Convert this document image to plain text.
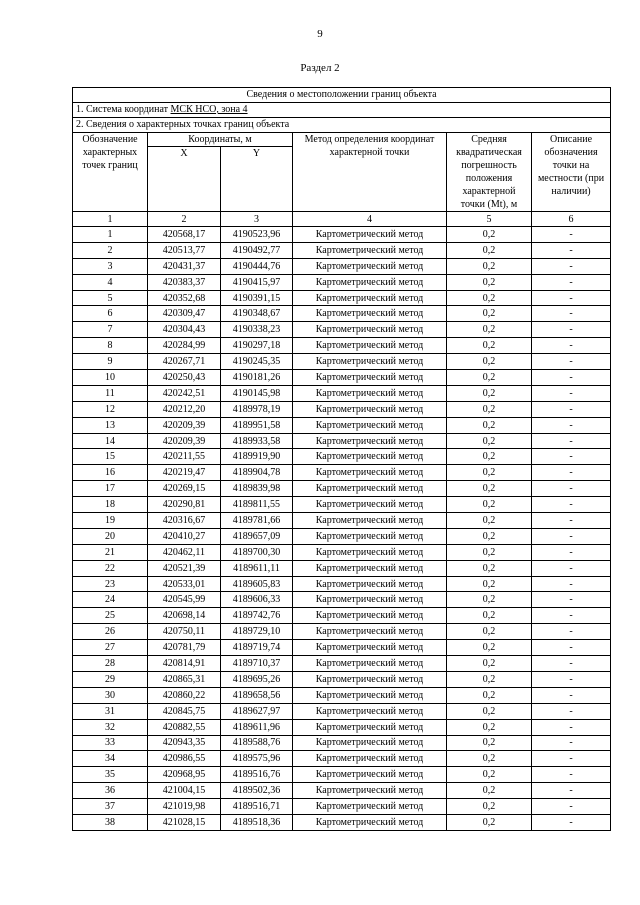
9
Раздел 2
Сведения о местоположении границ объекта					
1. Система координат МСК НСО, зона 4					
2. Сведения о характерных точках границ объекта					
Обозначение характерных точек границ	Координаты, м		Метод определения координат характерной точки	Средняя квадратическая погрешность положения характерной точки (Mt), м	Описание обозначения точки на местности (при наличии)
	X	Y			
1	2	3	4	5	6
1	420568,17	4190523,96	Картометрический метод	0,2	-
2	420513,77	4190492,77	Картометрический метод	0,2	-
3	420431,37	4190444,76	Картометрический метод	0,2	-
4	420383,37	4190415,97	Картометрический метод	0,2	-
5	420352,68	4190391,15	Картометрический метод	0,2	-
6	420309,47	4190348,67	Картометрический метод	0,2	-
7	420304,43	4190338,23	Картометрический метод	0,2	-
8	420284,99	4190297,18	Картометрический метод	0,2	-
9	420267,71	4190245,35	Картометрический метод	0,2	-
10	420250,43	4190181,26	Картометрический метод	0,2	-
11	420242,51	4190145,98	Картометрический метод	0,2	-
12	420212,20	4189978,19	Картометрический метод	0,2	-
13	420209,39	4189951,58	Картометрический метод	0,2	-
14	420209,39	4189933,58	Картометрический метод	0,2	-
15	420211,55	4189919,90	Картометрический метод	0,2	-
16	420219,47	4189904,78	Картометрический метод	0,2	-
17	420269,15	4189839,98	Картометрический метод	0,2	-
18	420290,81	4189811,55	Картометрический метод	0,2	-
19	420316,67	4189781,66	Картометрический метод	0,2	-
20	420410,27	4189657,09	Картометрический метод	0,2	-
21	420462,11	4189700,30	Картометрический метод	0,2	-
22	420521,39	4189611,11	Картометрический метод	0,2	-
23	420533,01	4189605,83	Картометрический метод	0,2	-
24	420545,99	4189606,33	Картометрический метод	0,2	-
25	420698,14	4189742,76	Картометрический метод	0,2	-
26	420750,11	4189729,10	Картометрический метод	0,2	-
27	420781,79	4189719,74	Картометрический метод	0,2	-
28	420814,91	4189710,37	Картометрический метод	0,2	-
29	420865,31	4189695,26	Картометрический метод	0,2	-
30	420860,22	4189658,56	Картометрический метод	0,2	-
31	420845,75	4189627,97	Картометрический метод	0,2	-
32	420882,55	4189611,96	Картометрический метод	0,2	-
33	420943,35	4189588,76	Картометрический метод	0,2	-
34	420986,55	4189575,96	Картометрический метод	0,2	-
35	420968,95	4189516,76	Картометрический метод	0,2	-
36	421004,15	4189502,36	Картометрический метод	0,2	-
37	421019,98	4189516,71	Картометрический метод	0,2	-
38	421028,15	4189518,36	Картометрический метод	0,2	-
